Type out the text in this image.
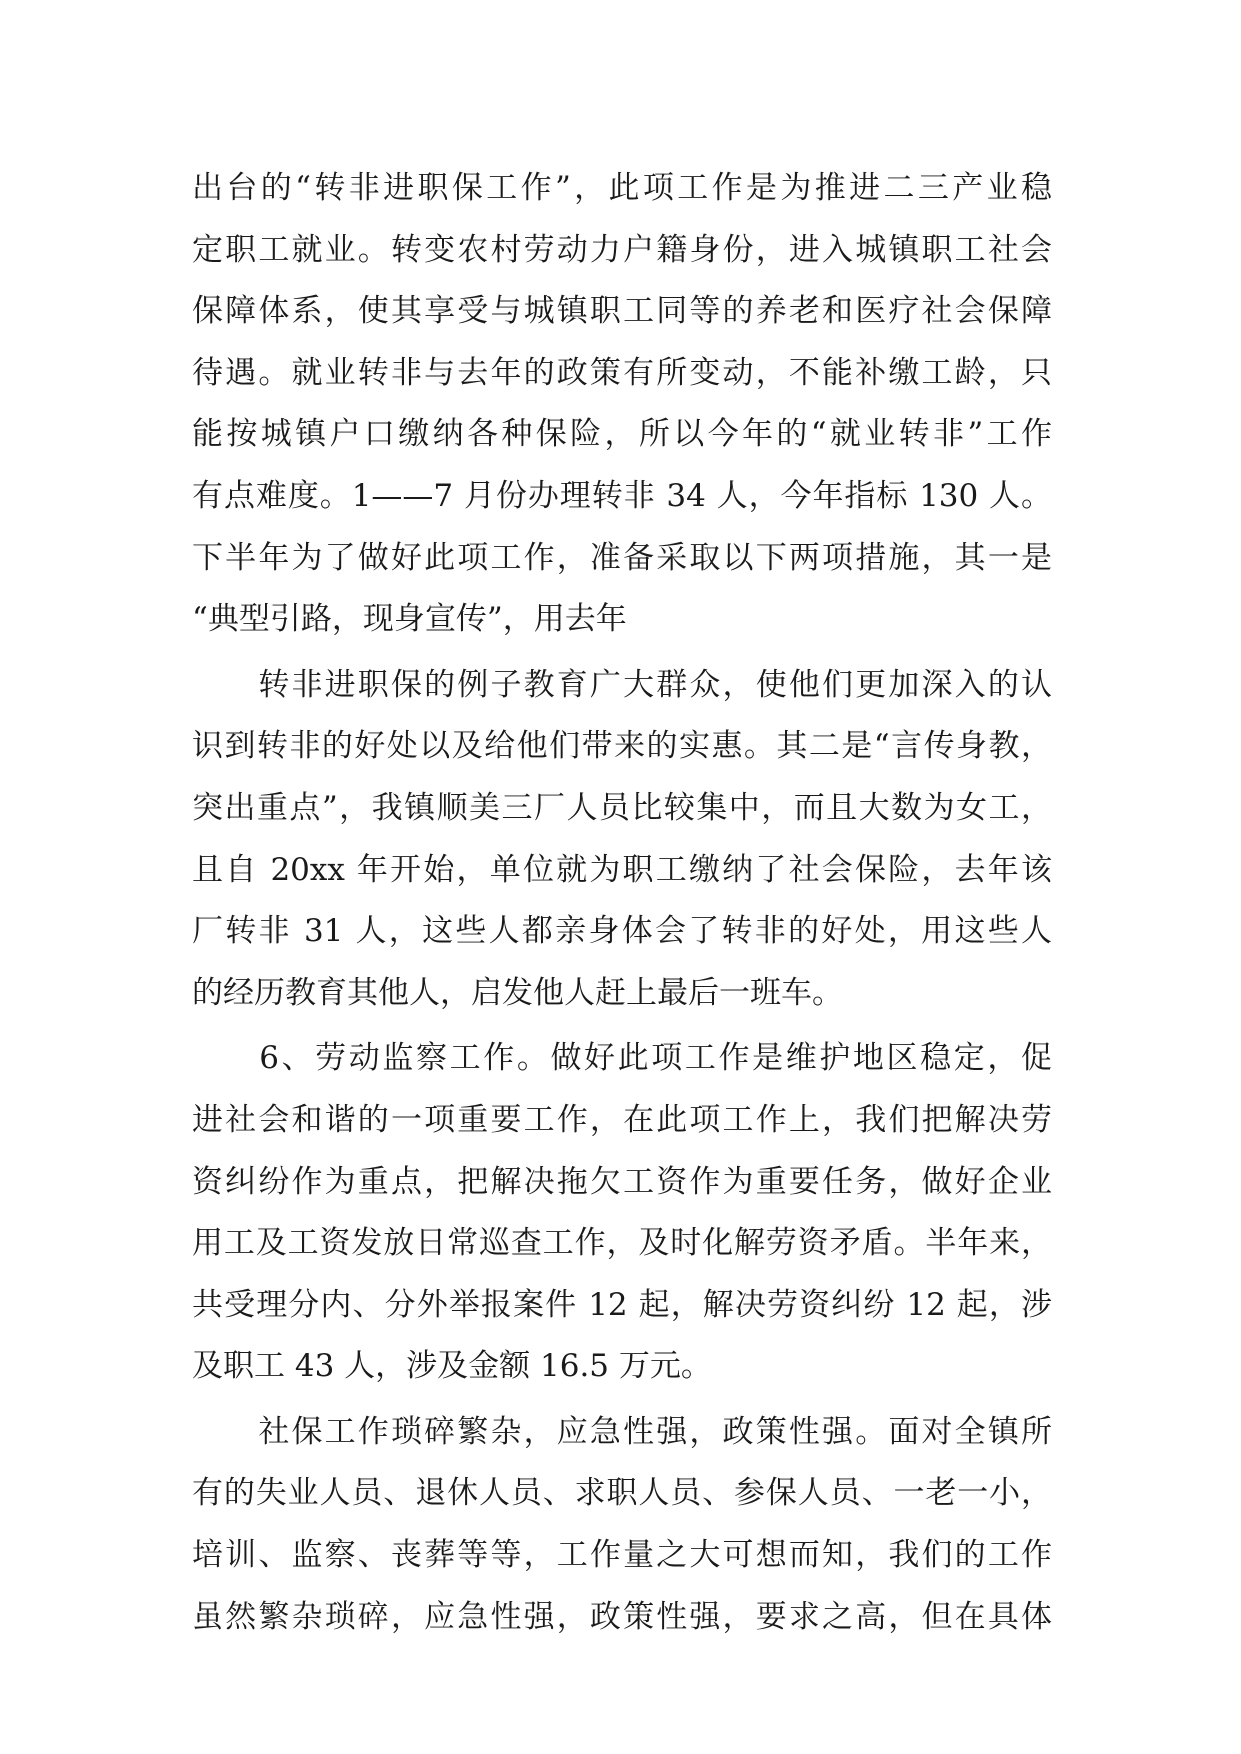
出台的“转非进职保工作”，此项工作是为推进二三产业稳
定职工就业。转变农村劳动力户籍身份，进入城镇职工社会
保障体系，使其享受与城镇职工同等的养老和医疗社会保障
待遇。就业转非与去年的政策有所变动，不能补缴工龄，只
能按城镇户口缴纳各种保险，所以今年的“就业转非”工作
有点难度。1——7 月份办理转非 34 人，今年指标 130 人。
下半年为了做好此项工作，准备采取以下两项措施，其一是
“典型引路，现身宣传”，用去年
　　转非进职保的例子教育广大群众，使他们更加深入的认
识到转非的好处以及给他们带来的实惠。其二是“言传身教，
突出重点”，我镇顺美三厂人员比较集中，而且大数为女工，
且自 20xx 年开始，单位就为职工缴纳了社会保险，去年该
厂转非 31 人，这些人都亲身体会了转非的好处，用这些人
的经历教育其他人，启发他人赶上最后一班车。
　　6、劳动监察工作。做好此项工作是维护地区稳定，促
进社会和谐的一项重要工作，在此项工作上，我们把解决劳
资纠纷作为重点，把解决拖欠工资作为重要任务，做好企业
用工及工资发放日常巡查工作，及时化解劳资矛盾。半年来，
共受理分内、分外举报案件 12 起，解决劳资纠纷 12 起，涉
及职工 43 人，涉及金额 16.5 万元。
　　社保工作琐碎繁杂，应急性强，政策性强。面对全镇所
有的失业人员、退休人员、求职人员、参保人员、一老一小，
培训、监察、丧葬等等，工作量之大可想而知，我们的工作
虽然繁杂琐碎，应急性强，政策性强，要求之高，但在具体
